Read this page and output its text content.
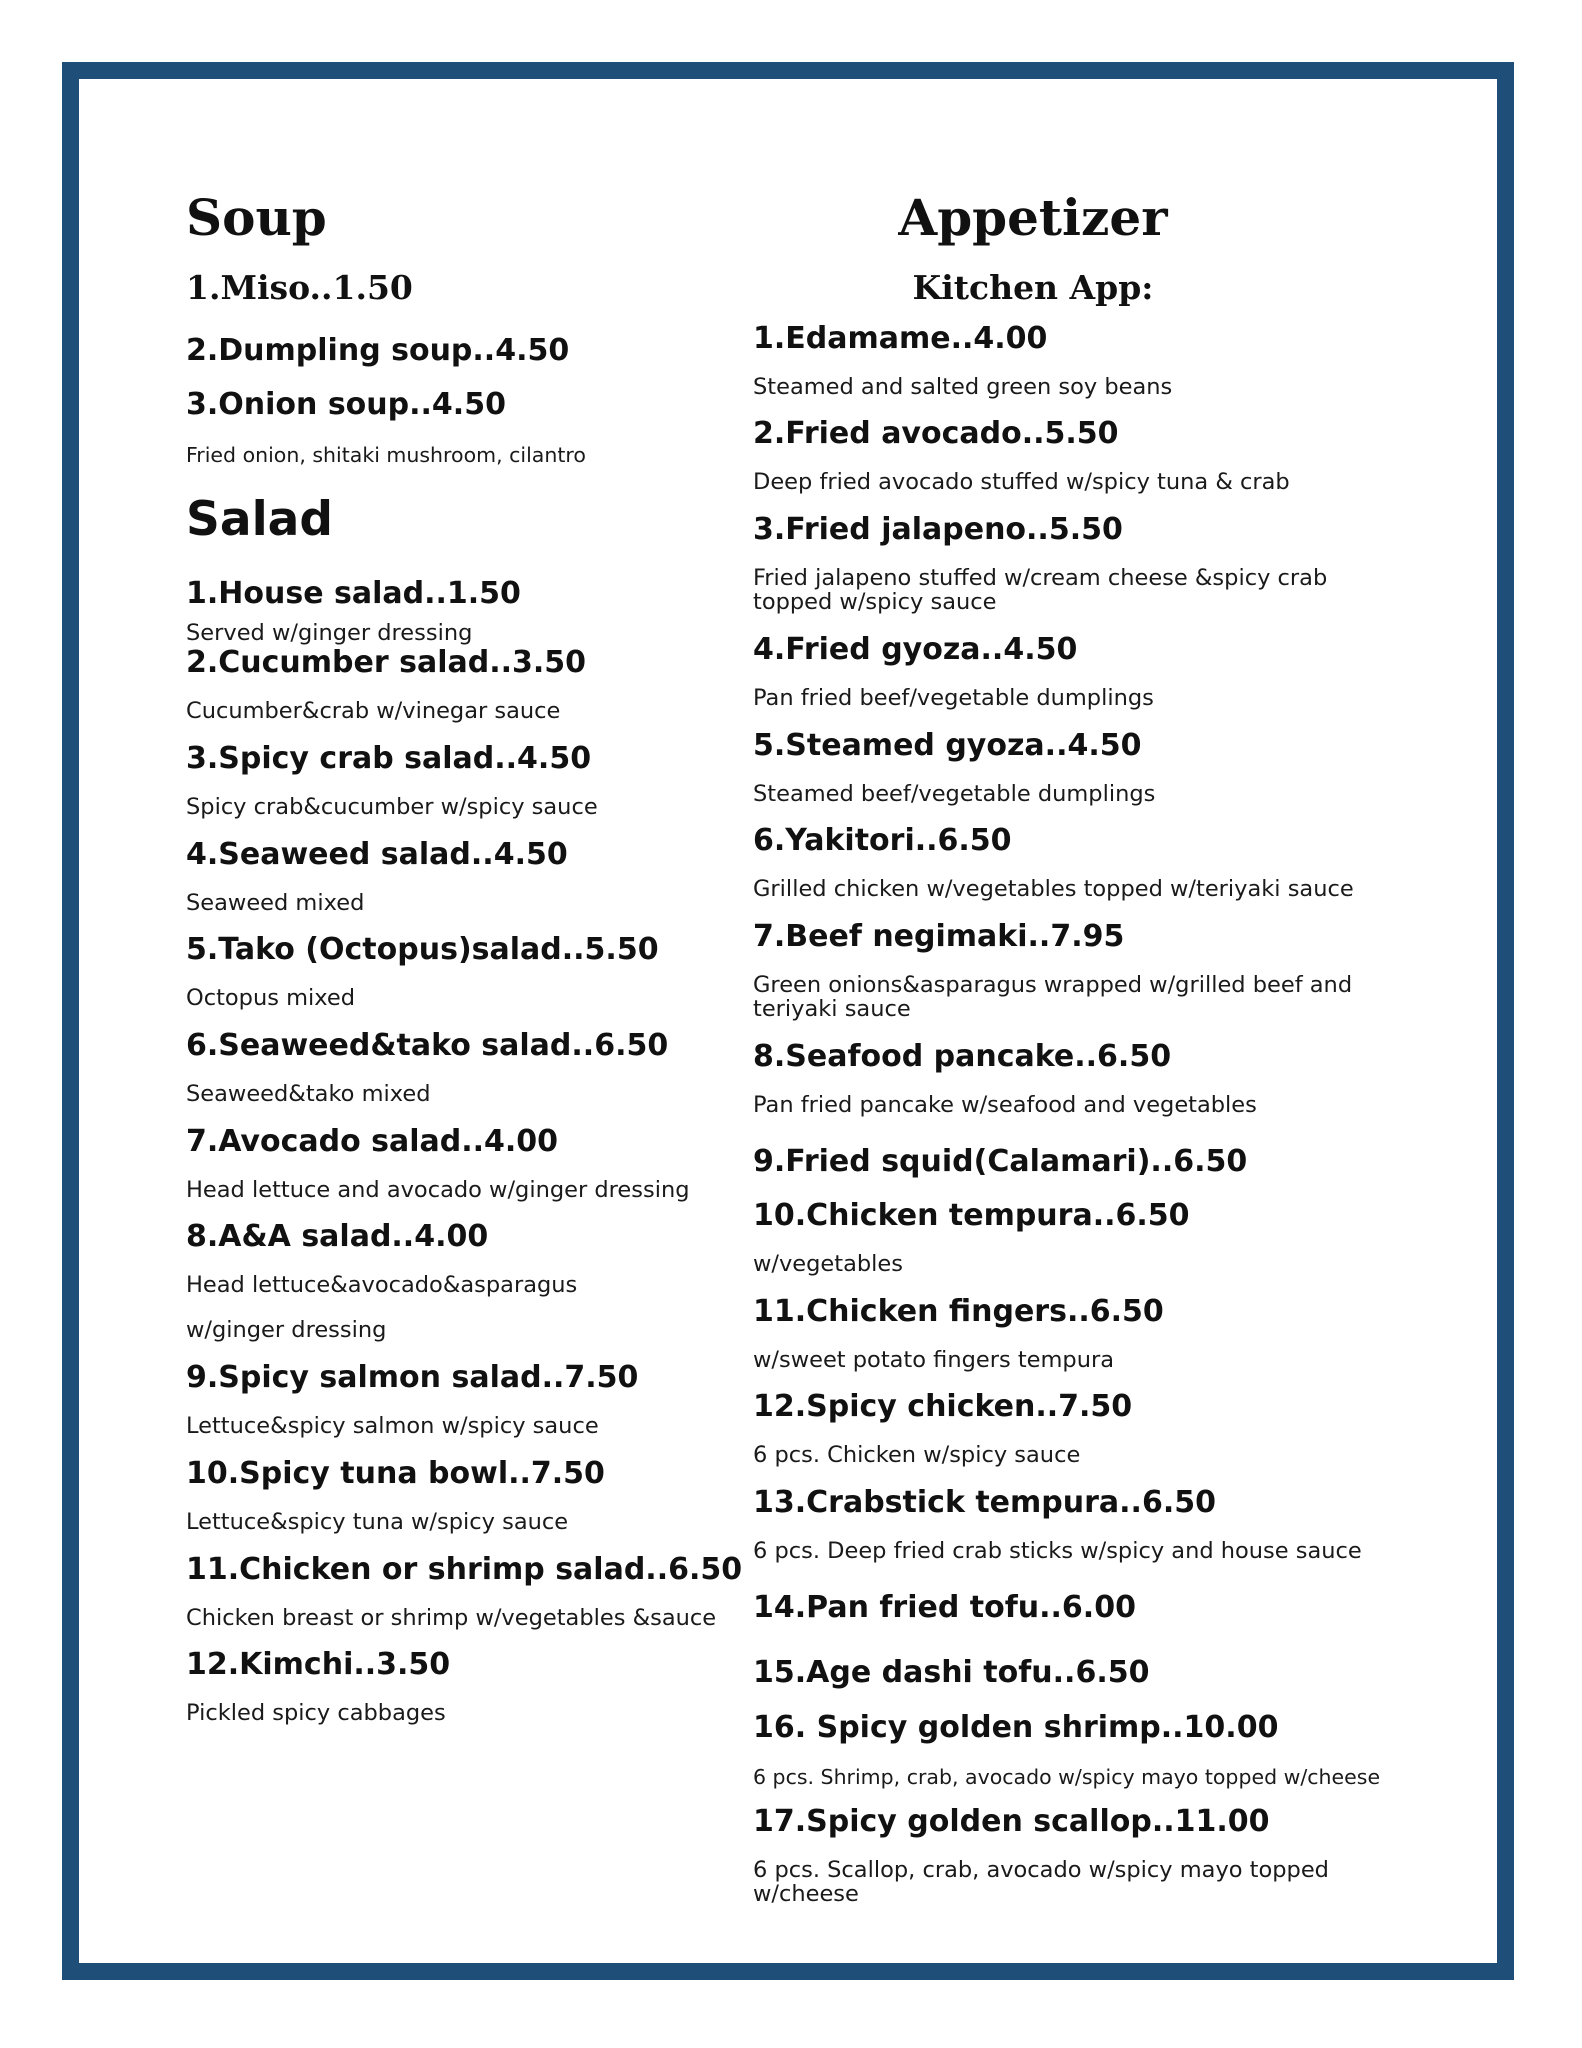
Soup
1.Miso..1.50
2.Dumpling soup..4.50
3.Onion soup..4.50
Fried onion, shitaki mushroom, cilantro
Salad
1.House salad..1.50
Served w/ginger dressing
2.Cucumber salad..3.50
Cucumber&crab w/vinegar sauce
3.Spicy crab salad..4.50
Spicy crab&cucumber w/spicy sauce
4.Seaweed salad..4.50
Seaweed mixed
5.Tako (Octopus)salad..5.50
Octopus mixed
6.Seaweed&tako salad..6.50
Seaweed&tako mixed
7.Avocado salad..4.00
Head lettuce and avocado w/ginger dressing
8.A&A salad..4.00
Head lettuce&avocado&asparagus
w/ginger dressing
9.Spicy salmon salad..7.50
Lettuce&spicy salmon w/spicy sauce
10.Spicy tuna bowl..7.50
Lettuce&spicy tuna w/spicy sauce
11.Chicken or shrimp salad..6.50
Chicken breast or shrimp w/vegetables &sauce
12.Kimchi..3.50
Pickled spicy cabbages
Appetizer
Kitchen App:
1.Edamame..4.00
Steamed and salted green soy beans
2.Fried avocado..5.50
Deep fried avocado stuffed w/spicy tuna & crab
3.Fried jalapeno..5.50
Fried jalapeno stuffed w/cream cheese &spicy crab
topped w/spicy sauce
4.Fried gyoza..4.50
Pan fried beef/vegetable dumplings
5.Steamed gyoza..4.50
Steamed beef/vegetable dumplings
6.Yakitori..6.50
Grilled chicken w/vegetables topped w/teriyaki sauce
7.Beef negimaki..7.95
Green onions&asparagus wrapped w/grilled beef and
teriyaki sauce
8.Seafood pancake..6.50
Pan fried pancake w/seafood and vegetables
9.Fried squid(Calamari)..6.50
10.Chicken tempura..6.50
w/vegetables
11.Chicken fingers..6.50
w/sweet potato fingers tempura
12.Spicy chicken..7.50
6 pcs. Chicken w/spicy sauce
13.Crabstick tempura..6.50
6 pcs. Deep fried crab sticks w/spicy and house sauce
14.Pan fried tofu..6.00
15.Age dashi tofu..6.50
16. Spicy golden shrimp..10.00
6 pcs. Shrimp, crab, avocado w/spicy mayo topped w/cheese
17.Spicy golden scallop..11.00
6 pcs. Scallop, crab, avocado w/spicy mayo topped
w/cheese
